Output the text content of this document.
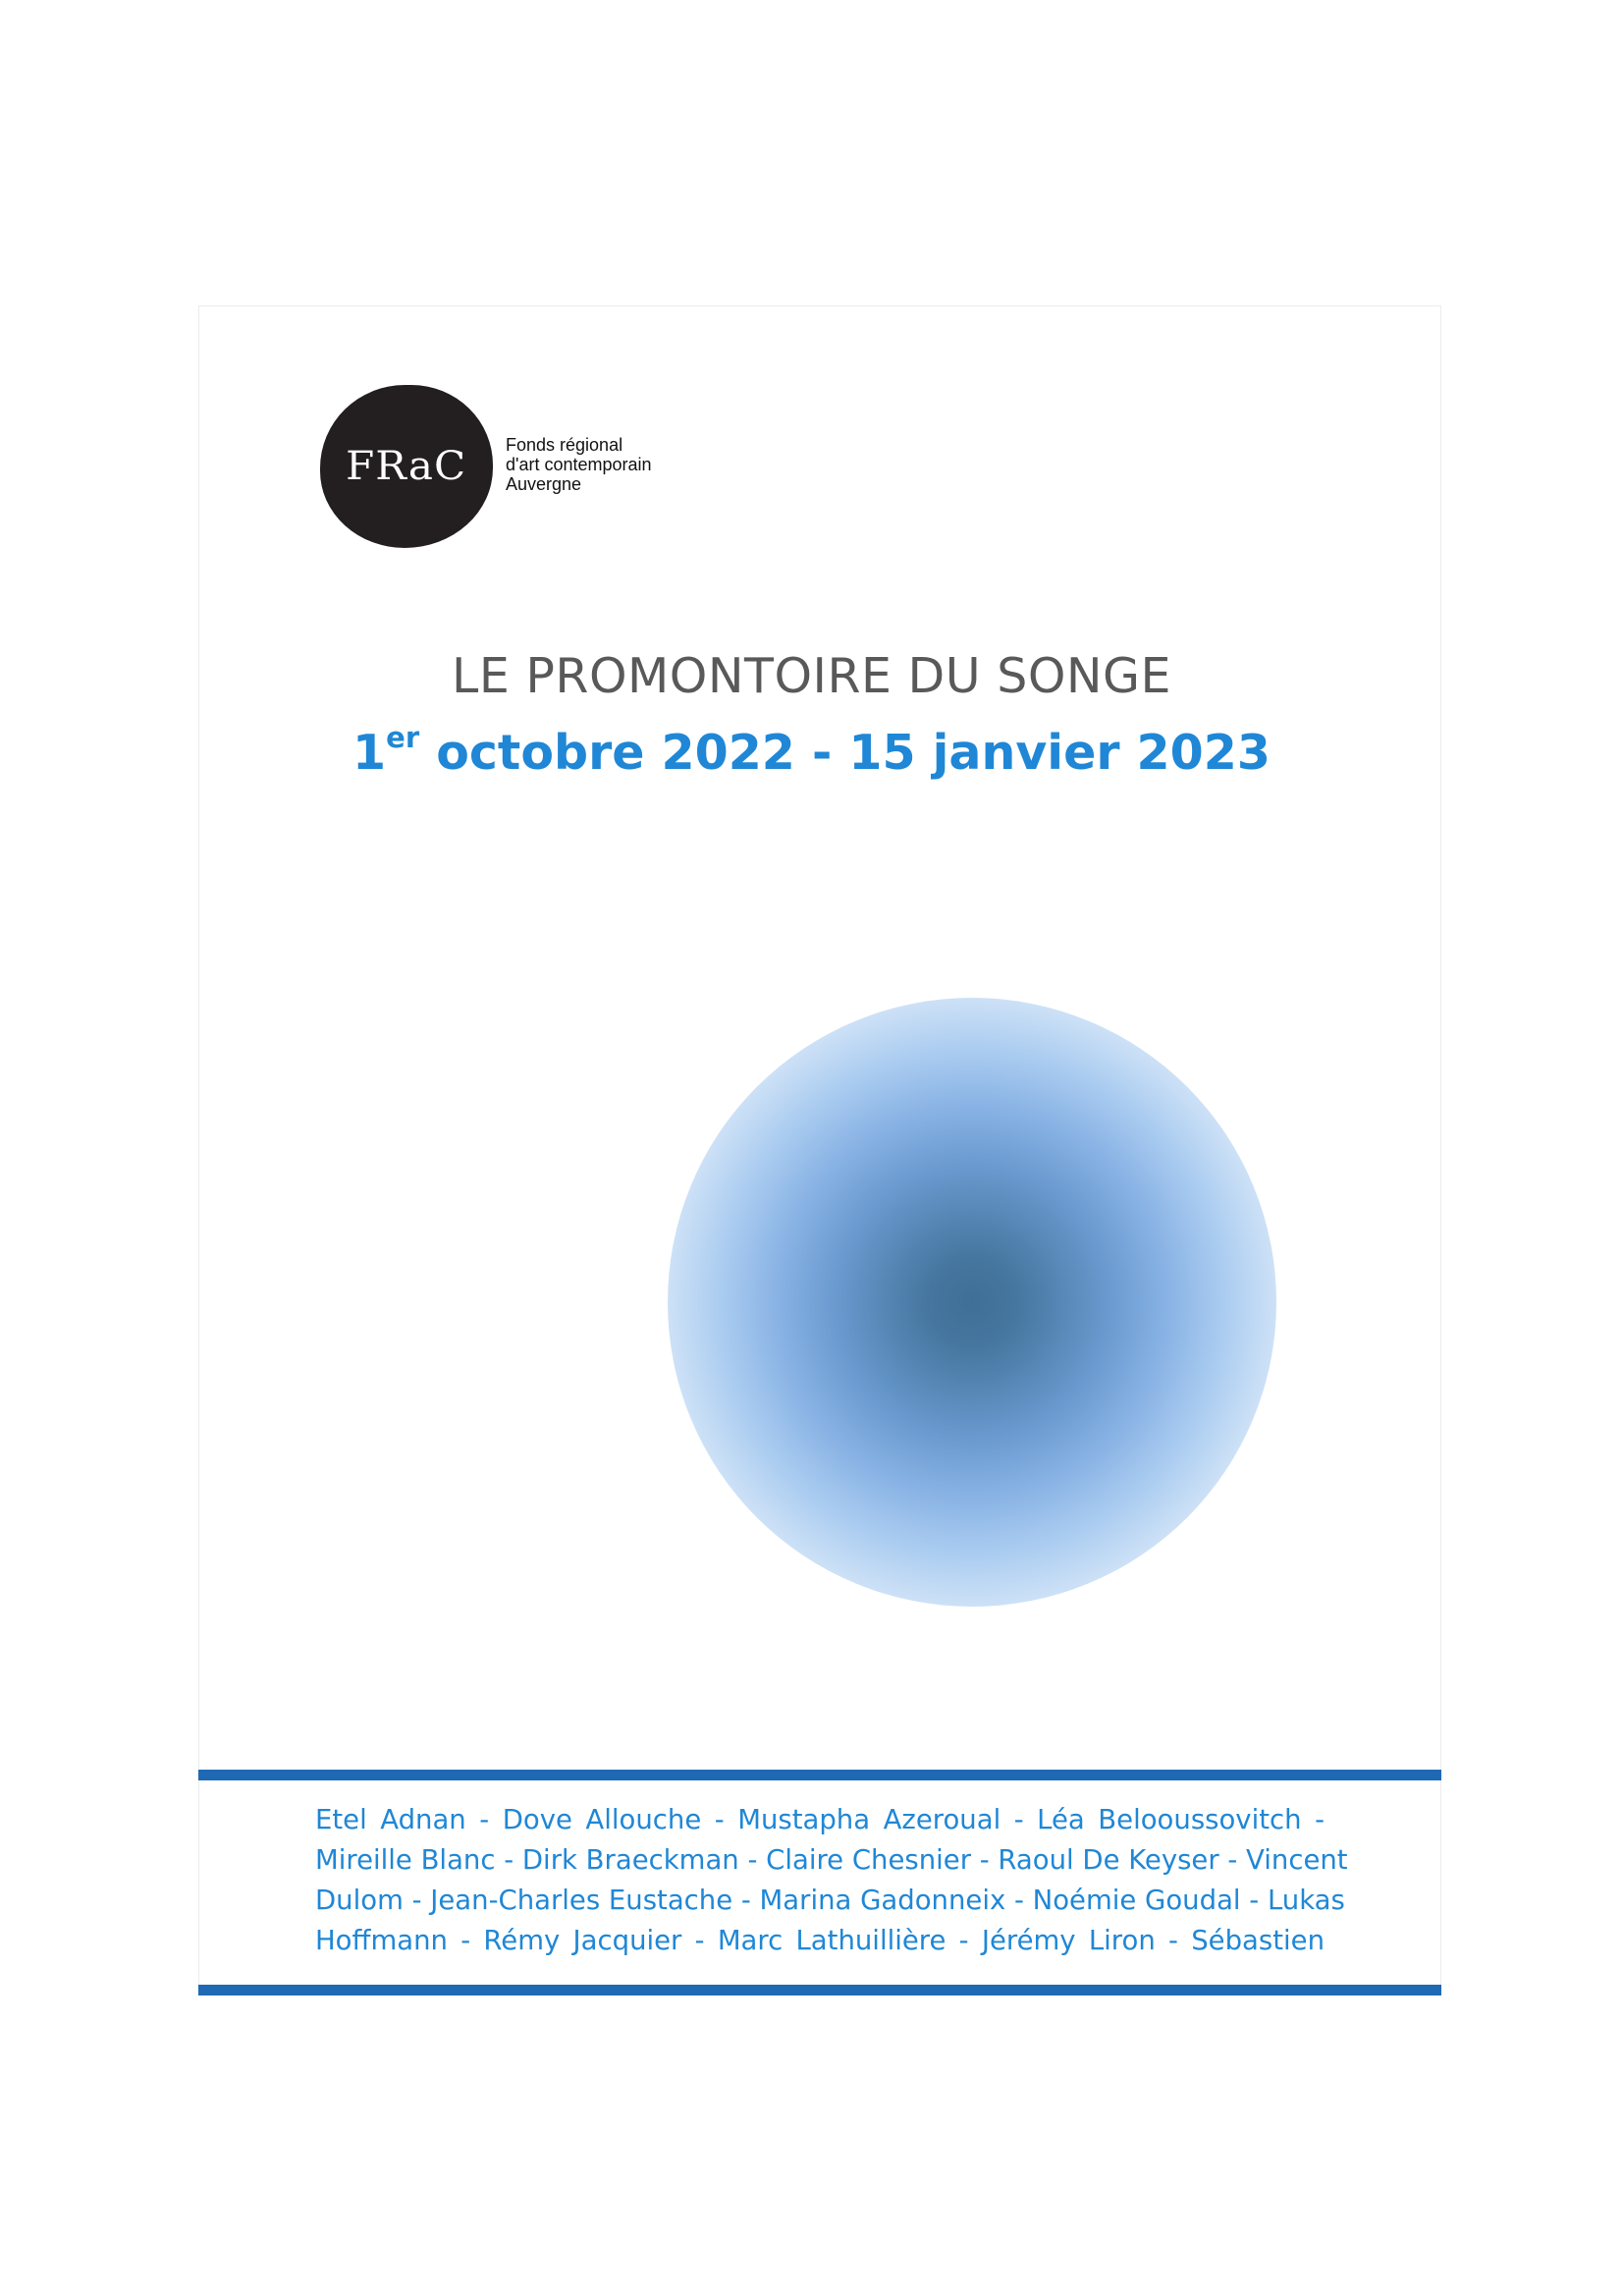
FRaC Fonds régional
d'art contemporain
Auvergne
LE PROMONTOIRE DU SONGE
1er octobre 2022 - 15 janvier 2023
Etel Adnan - Dove Allouche - Mustapha Azeroual - Léa Belooussovitch -
Mireille Blanc - Dirk Braeckman - Claire Chesnier - Raoul De Keyser - Vincent
Dulom - Jean-Charles Eustache - Marina Gadonneix - Noémie Goudal - Lukas
Hoffmann - Rémy Jacquier - Marc Lathuillière - Jérémy Liron - Sébastien
